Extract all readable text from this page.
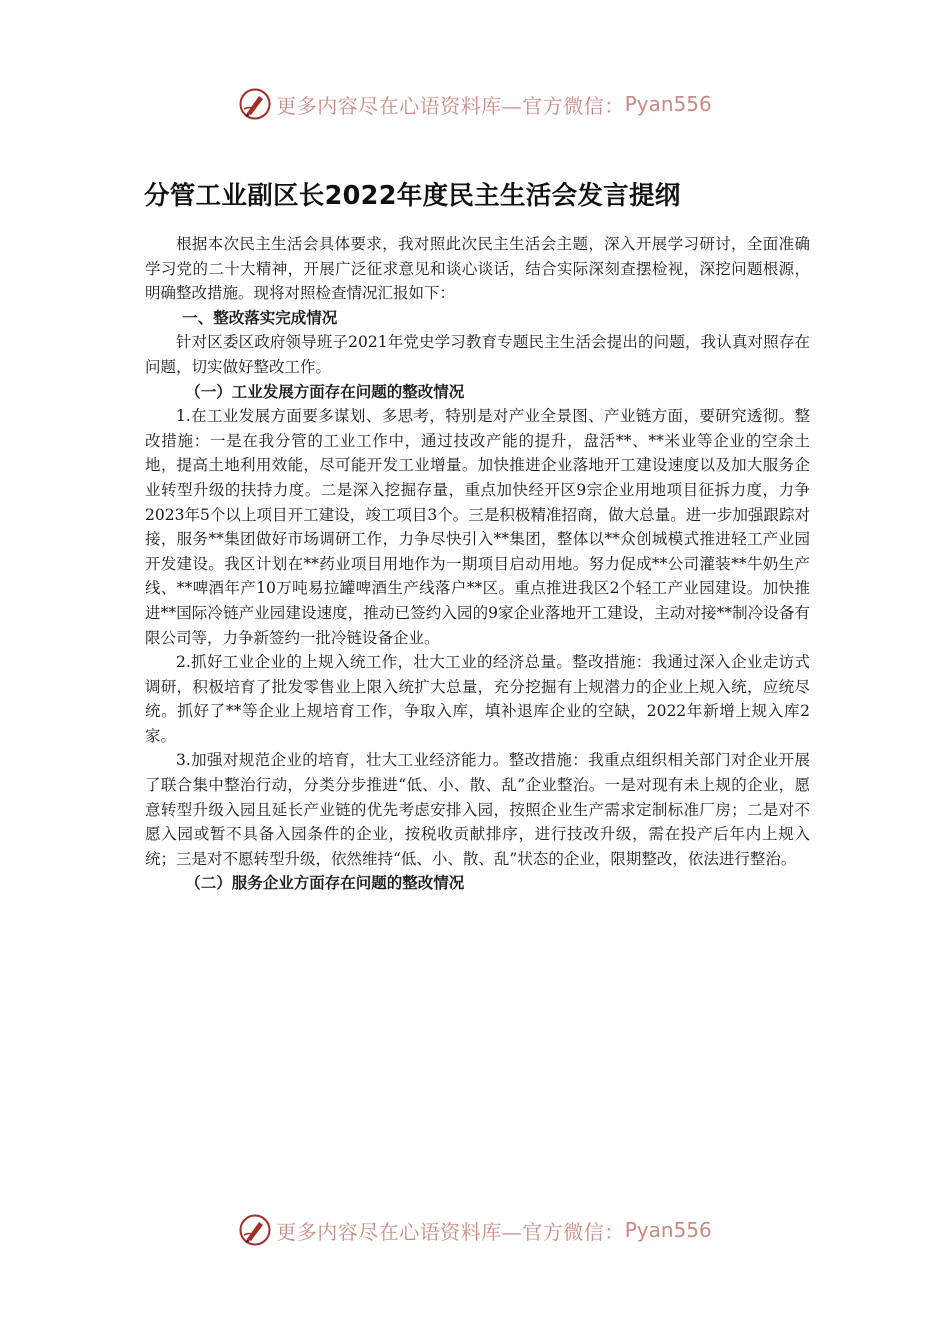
更多内容尽在心语资料库—官方微信： Pyan556
分管工业副区长2022年度民主生活会发言提纲

根据本次民主生活会具体要求，我对照此次民主生活会主题，深入开展学习研讨，全面准确学习党的二十大精神，开展广泛征求意见和谈心谈话，结合实际深刻查摆检视，深挖问题根源，明确整改措施。现将对照检查情况汇报如下：

一、整改落实完成情况

针对区委区政府领导班子2021年党史学习教育专题民主生活会提出的问题，我认真对照存在问题，切实做好整改工作。

（一）工业发展方面存在问题的整改情况

1.在工业发展方面要多谋划、多思考，特别是对产业全景图、产业链方面，要研究透彻。整改措施：一是在我分管的工业工作中，通过技改产能的提升，盘活**、**米业等企业的空余土地，提高土地利用效能，尽可能开发工业增量。加快推进企业落地开工建设速度以及加大服务企业转型升级的扶持力度。二是深入挖掘存量，重点加快经开区9宗企业用地项目征拆力度，力争2023年5个以上项目开工建设，竣工项目3个。三是积极精准招商，做大总量。进一步加强跟踪对接，服务**集团做好市场调研工作，力争尽快引入**集团，整体以**众创城模式推进轻工产业园开发建设。我区计划在**药业项目用地作为一期项目启动用地。努力促成**公司灌装**牛奶生产线、**啤酒年产10万吨易拉罐啤酒生产线落户**区。重点推进我区2个轻工产业园建设。加快推进**国际冷链产业园建设速度，推动已签约入园的9家企业落地开工建设，主动对接**制冷设备有限公司等，力争新签约一批冷链设备企业。

2.抓好工业企业的上规入统工作，壮大工业的经济总量。整改措施：我通过深入企业走访式调研，积极培育了批发零售业上限入统扩大总量，充分挖掘有上规潜力的企业上规入统，应统尽统。抓好了**等企业上规培育工作，争取入库，填补退库企业的空缺，2022年新增上规入库2家。

3.加强对规范企业的培育，壮大工业经济能力。整改措施：我重点组织相关部门对企业开展了联合集中整治行动，分类分步推进“低、小、散、乱”企业整治。一是对现有未上规的企业，愿意转型升级入园且延长产业链的优先考虑安排入园，按照企业生产需求定制标准厂房；二是对不愿入园或暂不具备入园条件的企业，按税收贡献排序，进行技改升级，需在投产后年内上规入统；三是对不愿转型升级，依然维持“低、小、散、乱”状态的企业，限期整改，依法进行整治。

（二）服务企业方面存在问题的整改情况

更多内容尽在心语资料库—官方微信： Pyan556
